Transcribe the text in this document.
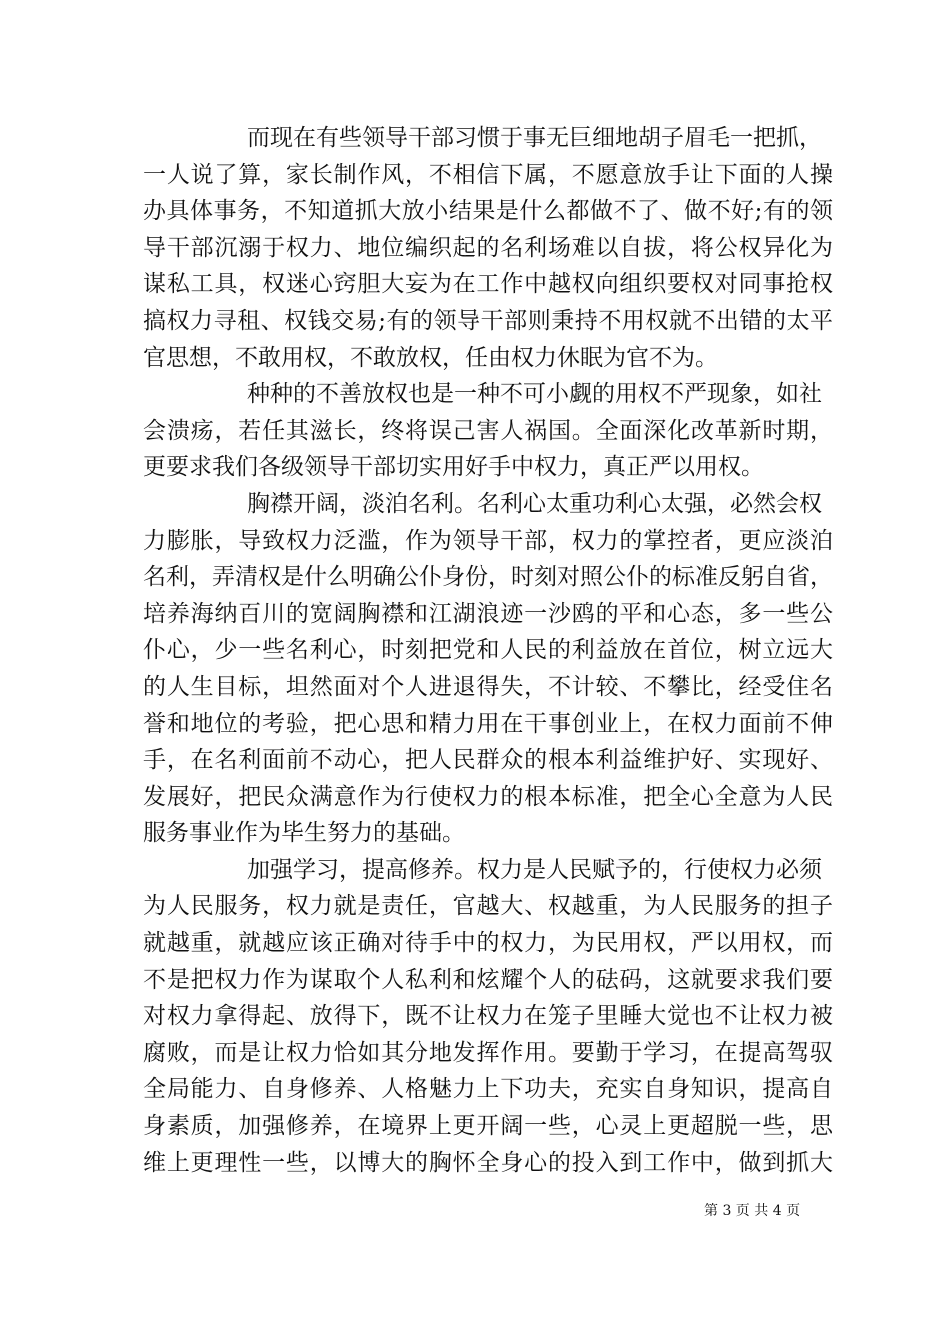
而现在有些领导干部习惯于事无巨细地胡子眉毛一把抓，
一人说了算，家长制作风，不相信下属，不愿意放手让下面的人操
办具体事务，不知道抓大放小结果是什么都做不了、做不好;有的领
导干部沉溺于权力、地位编织起的名利场难以自拔，将公权异化为
谋私工具，权迷心窍胆大妄为在工作中越权向组织要权对同事抢权
搞权力寻租、权钱交易;有的领导干部则秉持不用权就不出错的太平
官思想，不敢用权，不敢放权，任由权力休眠为官不为。
种种的不善放权也是一种不可小觑的用权不严现象，如社
会溃疡，若任其滋长，终将误己害人祸国。全面深化改革新时期，
更要求我们各级领导干部切实用好手中权力，真正严以用权。
胸襟开阔，淡泊名利。名利心太重功利心太强，必然会权
力膨胀，导致权力泛滥，作为领导干部，权力的掌控者，更应淡泊
名利，弄清权是什么明确公仆身份，时刻对照公仆的标准反躬自省，
培养海纳百川的宽阔胸襟和江湖浪迹一沙鸥的平和心态，多一些公
仆心，少一些名利心，时刻把党和人民的利益放在首位，树立远大
的人生目标，坦然面对个人进退得失，不计较、不攀比，经受住名
誉和地位的考验，把心思和精力用在干事创业上，在权力面前不伸
手，在名利面前不动心，把人民群众的根本利益维护好、实现好、
发展好，把民众满意作为行使权力的根本标准，把全心全意为人民
服务事业作为毕生努力的基础。
加强学习，提高修养。权力是人民赋予的，行使权力必须
为人民服务，权力就是责任，官越大、权越重，为人民服务的担子
就越重，就越应该正确对待手中的权力，为民用权，严以用权，而
不是把权力作为谋取个人私利和炫耀个人的砝码，这就要求我们要
对权力拿得起、放得下，既不让权力在笼子里睡大觉也不让权力被
腐败，而是让权力恰如其分地发挥作用。要勤于学习，在提高驾驭
全局能力、自身修养、人格魅力上下功夫，充实自身知识，提高自
身素质，加强修养，在境界上更开阔一些，心灵上更超脱一些，思
维上更理性一些，以博大的胸怀全身心的投入到工作中，做到抓大
第 3 页 共 4 页
